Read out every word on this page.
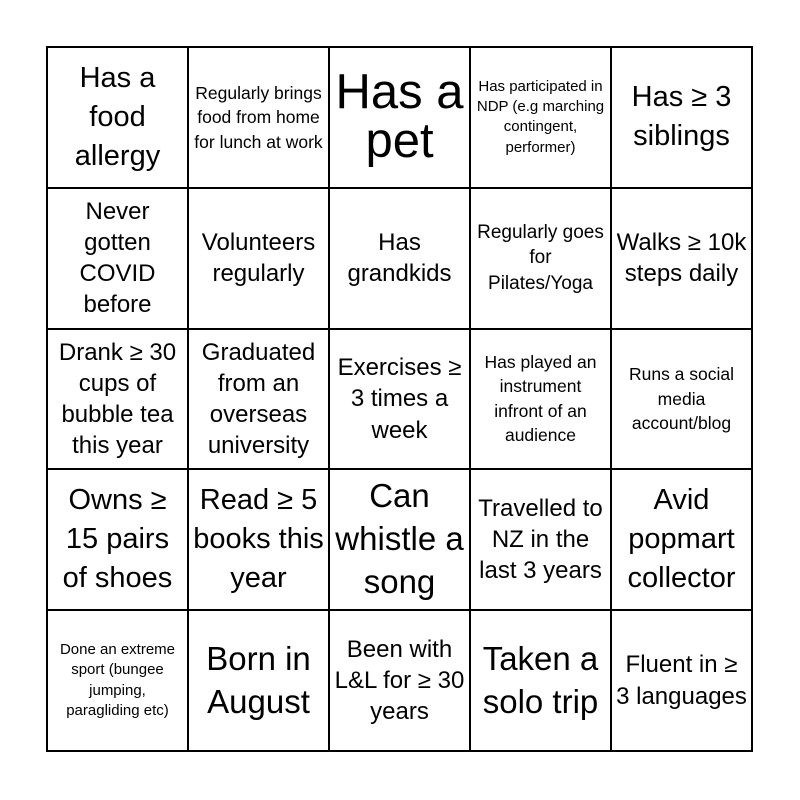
Has a food allergy
Regularly brings food from home for lunch at work
Has a pet
Has participated in NDP (e.g marching contingent, performer)
Has ≥ 3 siblings
Never gotten COVID before
Volunteers regularly
Has grandkids
Regularly goes for Pilates/Yoga
Walks ≥ 10k steps daily
Drank ≥ 30 cups of bubble tea this year
Graduated from an overseas university
Exercises ≥ 3 times a week
Has played an instrument infront of an audience
Runs a social media account/blog
Owns ≥ 15 pairs of shoes
Read ≥ 5 books this year
Can whistle a song
Travelled to NZ in the last 3 years
Avid popmart collector
Done an extreme sport (bungee jumping, paragliding etc)
Born in August
Been with L&L for ≥ 30 years
Taken a solo trip
Fluent in ≥ 3 languages
